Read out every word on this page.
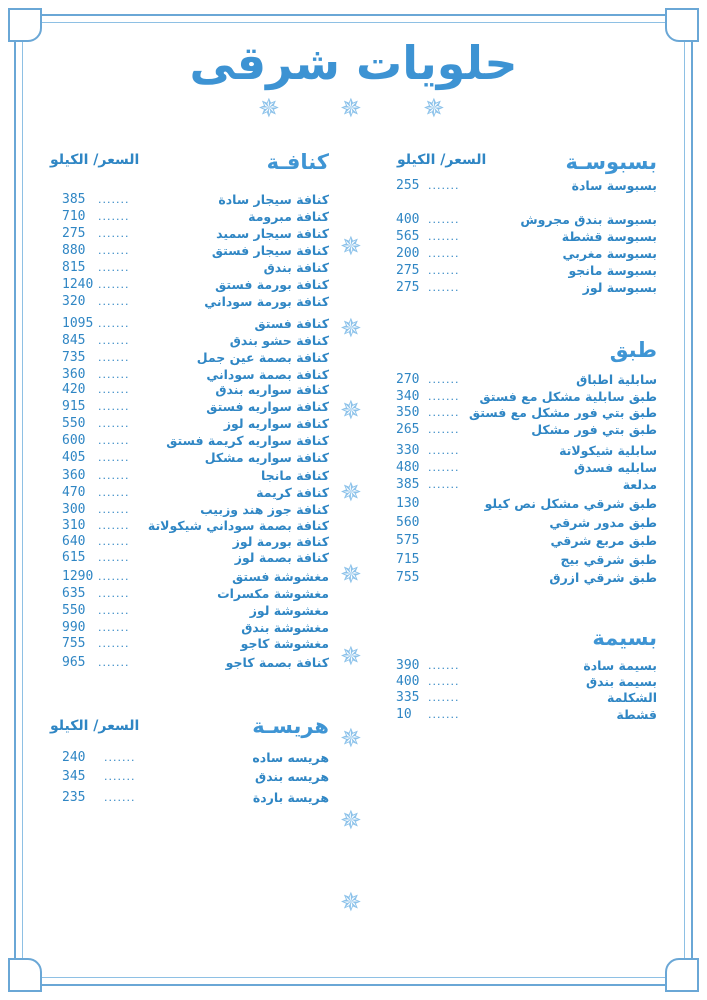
حلويات شرقى
✵ ✵ ✵
✵
✵
✵
✵
✵
✵
✵
✵
✵
كنافـة
السعر/ الكيلو
هريسـة
السعر/ الكيلو
بسبوسـة
السعر/ الكيلو
طبق
بسيمة
كنافة سيجار سادة
385 .......
كنافة مبرومة
710 .......
كنافة سيجار سميد
275 .......
كنافة سيجار فستق
880 .......
كنافة بندق
815 .......
كنافة بورمة فستق
1240 .......
كنافة بورمة سوداني
320 .......
كنافة فستق
1095 .......
كنافة حشو بندق
845 .......
كنافة بصمة عين جمل
735 .......
كنافة بصمة سوداني
360 .......
كنافة سواريه بندق
420 .......
كنافة سواريه فستق
915 .......
كنافة سواريه لوز
550 .......
كنافة سواريه كريمة فستق
600 .......
كنافة سواريه مشكل
405 .......
كنافة مانجا
360 .......
كنافة كريمة
470 .......
كنافة جوز هند وزبيب
300 .......
كنافة بصمة سوداني شيكولاتة
310 .......
كنافة بورمة لوز
640 .......
كنافة بصمة لوز
615 .......
مغشوشة فستق
1290 .......
مغشوشة مكسرات
635 .......
مغشوشة لوز
550 .......
مغشوشة بندق
990 .......
مغشوشة كاجو
755 .......
كنافة بصمة كاجو
965 .......
هريسه ساده
240 .......
هريسه بندق
345 .......
هريسة باردة
235 .......
بسبوسة سادة
255 .......
بسبوسة بندق مجروش
400 .......
بسبوسة قشطة
565 .......
بسبوسة مغربي
200 .......
بسبوسة مانجو
275 .......
بسبوسة لوز
275 .......
سابلية اطباق
270 .......
طبق سابلية مشكل مع فستق
340 .......
طبق بتي فور مشكل مع فستق
350 .......
طبق بتي فور مشكل
265 .......
سابلية شيكولاتة
330 .......
سابليه فسدق
480 .......
مدلعة
385 .......
طبق شرقي مشكل نص كيلو
130
طبق مدور شرقي
560
طبق مربع شرقي
575
طبق شرقي بيج
715
طبق شرقي ازرق
755
بسيمة سادة
390 .......
بسيمة بندق
400 .......
الشكلمة
335 .......
قشطة
10 .......
